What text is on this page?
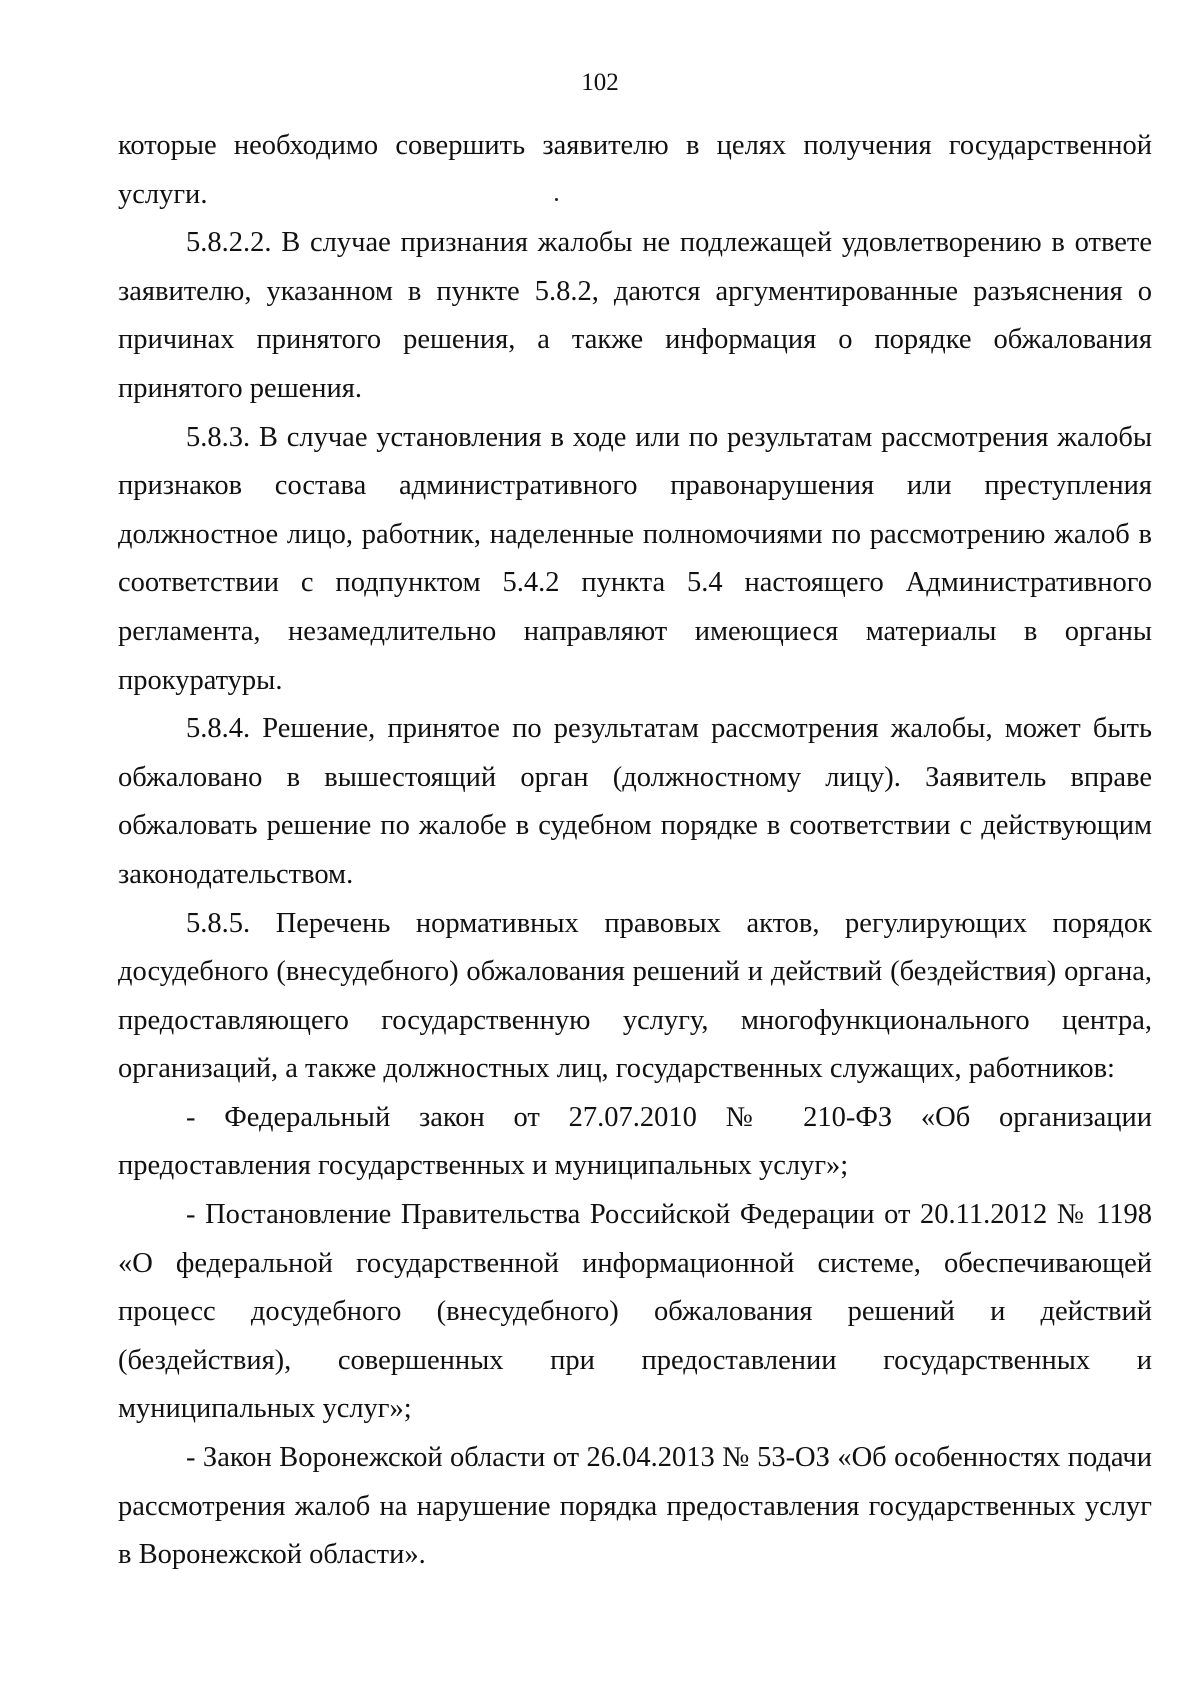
102

которые необходимо совершить заявителю в целях получения государственной услуги.

5.8.2.2. В случае признания жалобы не подлежащей удовлетворению в ответе заявителю, указанном в пункте 5.8.2, даются аргументированные разъяснения о причинах принятого решения, а также информация о порядке обжалования принятого решения.

5.8.3. В случае установления в ходе или по результатам рассмотрения жалобы признаков состава административного правонарушения или преступления должностное лицо, работник, наделенные полномочиями по рассмотрению жалоб в соответствии с подпунктом 5.4.2 пункта 5.4 настоящего Административного регламента, незамедлительно направляют имеющиеся материалы в органы прокуратуры.

5.8.4. Решение, принятое по результатам рассмотрения жалобы, может быть обжаловано в вышестоящий орган (должностному лицу). Заявитель вправе обжаловать решение по жалобе в судебном порядке в соответствии с действующим законодательством.

5.8.5. Перечень нормативных правовых актов, регулирующих порядок досудебного (внесудебного) обжалования решений и действий (бездействия) органа, предоставляющего государственную услугу, многофункционального центра, организаций, а также должностных лиц, государственных служащих, работников:

- Федеральный закон от 27.07.2010 № 210-ФЗ «Об организации предоставления государственных и муниципальных услуг»;

- Постановление Правительства Российской Федерации от 20.11.2012 № 1198 «О федеральной государственной информационной системе, обеспечивающей процесс досудебного (внесудебного) обжалования решений и действий (бездействия), совершенных при предоставлении государственных и муниципальных услуг»;

- Закон Воронежской области от 26.04.2013 № 53-ОЗ «Об особенностях подачи рассмотрения жалоб на нарушение порядка предоставления государственных услуг в Воронежской области».
